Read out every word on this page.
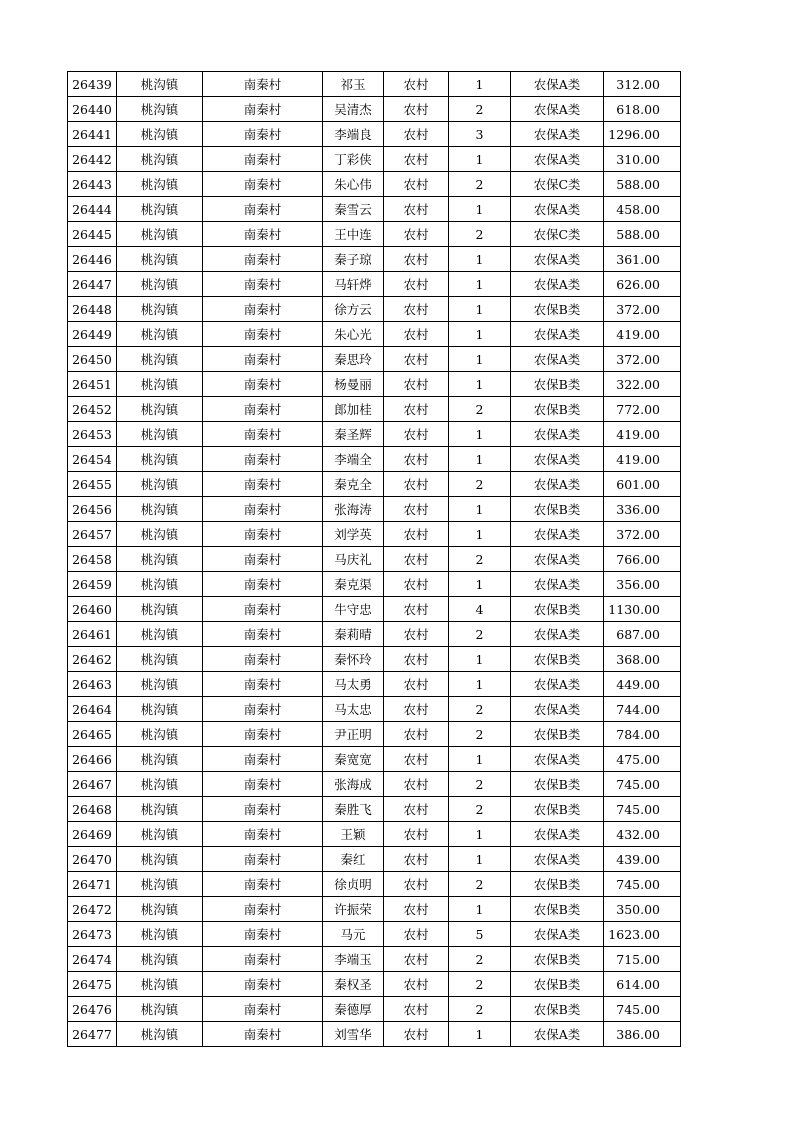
26439	桃沟镇	南秦村	祁玉	农村	1	农保A类	312.00
26440	桃沟镇	南秦村	吴清杰	农村	2	农保A类	618.00
26441	桃沟镇	南秦村	李端良	农村	3	农保A类	1296.00
26442	桃沟镇	南秦村	丁彩侠	农村	1	农保A类	310.00
26443	桃沟镇	南秦村	朱心伟	农村	2	农保C类	588.00
26444	桃沟镇	南秦村	秦雪云	农村	1	农保A类	458.00
26445	桃沟镇	南秦村	王中连	农村	2	农保C类	588.00
26446	桃沟镇	南秦村	秦子琼	农村	1	农保A类	361.00
26447	桃沟镇	南秦村	马轩烨	农村	1	农保A类	626.00
26448	桃沟镇	南秦村	徐方云	农村	1	农保B类	372.00
26449	桃沟镇	南秦村	朱心光	农村	1	农保A类	419.00
26450	桃沟镇	南秦村	秦思玲	农村	1	农保A类	372.00
26451	桃沟镇	南秦村	杨曼丽	农村	1	农保B类	322.00
26452	桃沟镇	南秦村	郎加桂	农村	2	农保B类	772.00
26453	桃沟镇	南秦村	秦圣辉	农村	1	农保A类	419.00
26454	桃沟镇	南秦村	李端全	农村	1	农保A类	419.00
26455	桃沟镇	南秦村	秦克全	农村	2	农保A类	601.00
26456	桃沟镇	南秦村	张海涛	农村	1	农保B类	336.00
26457	桃沟镇	南秦村	刘学英	农村	1	农保A类	372.00
26458	桃沟镇	南秦村	马庆礼	农村	2	农保A类	766.00
26459	桃沟镇	南秦村	秦克渠	农村	1	农保A类	356.00
26460	桃沟镇	南秦村	牛守忠	农村	4	农保B类	1130.00
26461	桃沟镇	南秦村	秦莉晴	农村	2	农保A类	687.00
26462	桃沟镇	南秦村	秦怀玲	农村	1	农保B类	368.00
26463	桃沟镇	南秦村	马太勇	农村	1	农保A类	449.00
26464	桃沟镇	南秦村	马太忠	农村	2	农保A类	744.00
26465	桃沟镇	南秦村	尹正明	农村	2	农保B类	784.00
26466	桃沟镇	南秦村	秦宽宽	农村	1	农保A类	475.00
26467	桃沟镇	南秦村	张海成	农村	2	农保B类	745.00
26468	桃沟镇	南秦村	秦胜飞	农村	2	农保B类	745.00
26469	桃沟镇	南秦村	王颖	农村	1	农保A类	432.00
26470	桃沟镇	南秦村	秦红	农村	1	农保A类	439.00
26471	桃沟镇	南秦村	徐贞明	农村	2	农保B类	745.00
26472	桃沟镇	南秦村	许振荣	农村	1	农保B类	350.00
26473	桃沟镇	南秦村	马元	农村	5	农保A类	1623.00
26474	桃沟镇	南秦村	李端玉	农村	2	农保B类	715.00
26475	桃沟镇	南秦村	秦权圣	农村	2	农保B类	614.00
26476	桃沟镇	南秦村	秦德厚	农村	2	农保B类	745.00
26477	桃沟镇	南秦村	刘雪华	农村	1	农保A类	386.00
